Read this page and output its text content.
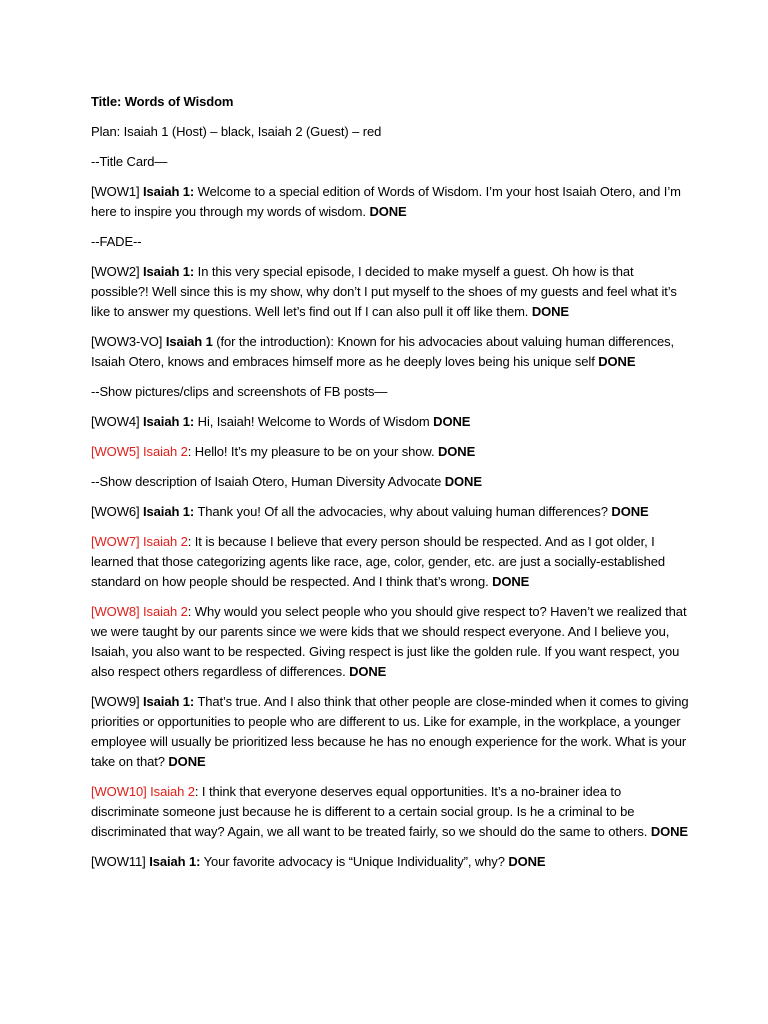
Title: Words of Wisdom

Plan: Isaiah 1 (Host) – black, Isaiah 2 (Guest) – red

--Title Card—

[WOW1] Isaiah 1: Welcome to a special edition of Words of Wisdom. I’m your host Isaiah Otero, and I’m here to inspire you through my words of wisdom. DONE

--FADE--

[WOW2] Isaiah 1: In this very special episode, I decided to make myself a guest. Oh how is that possible?! Well since this is my show, why don’t I put myself to the shoes of my guests and feel what it’s like to answer my questions. Well let’s find out If I can also pull it off like them. DONE

[WOW3-VO] Isaiah 1 (for the introduction): Known for his advocacies about valuing human differences, Isaiah Otero, knows and embraces himself more as he deeply loves being his unique self DONE

--Show pictures/clips and screenshots of FB posts—

[WOW4] Isaiah 1: Hi, Isaiah! Welcome to Words of Wisdom DONE

[WOW5] Isaiah 2: Hello! It’s my pleasure to be on your show. DONE

--Show description of Isaiah Otero, Human Diversity Advocate DONE

[WOW6] Isaiah 1: Thank you! Of all the advocacies, why about valuing human differences? DONE

[WOW7] Isaiah 2: It is because I believe that every person should be respected. And as I got older, I learned that those categorizing agents like race, age, color, gender, etc. are just a socially-established standard on how people should be respected. And I think that’s wrong. DONE

[WOW8] Isaiah 2: Why would you select people who you should give respect to? Haven’t we realized that we were taught by our parents since we were kids that we should respect everyone. And I believe you, Isaiah, you also want to be respected. Giving respect is just like the golden rule. If you want respect, you also respect others regardless of differences. DONE

[WOW9] Isaiah 1: That’s true. And I also think that other people are close-minded when it comes to giving priorities or opportunities to people who are different to us. Like for example, in the workplace, a younger employee will usually be prioritized less because he has no enough experience for the work. What is your take on that? DONE

[WOW10] Isaiah 2: I think that everyone deserves equal opportunities. It’s a no-brainer idea to discriminate someone just because he is different to a certain social group. Is he a criminal to be discriminated that way? Again, we all want to be treated fairly, so we should do the same to others. DONE

[WOW11] Isaiah 1: Your favorite advocacy is “Unique Individuality”, why? DONE
